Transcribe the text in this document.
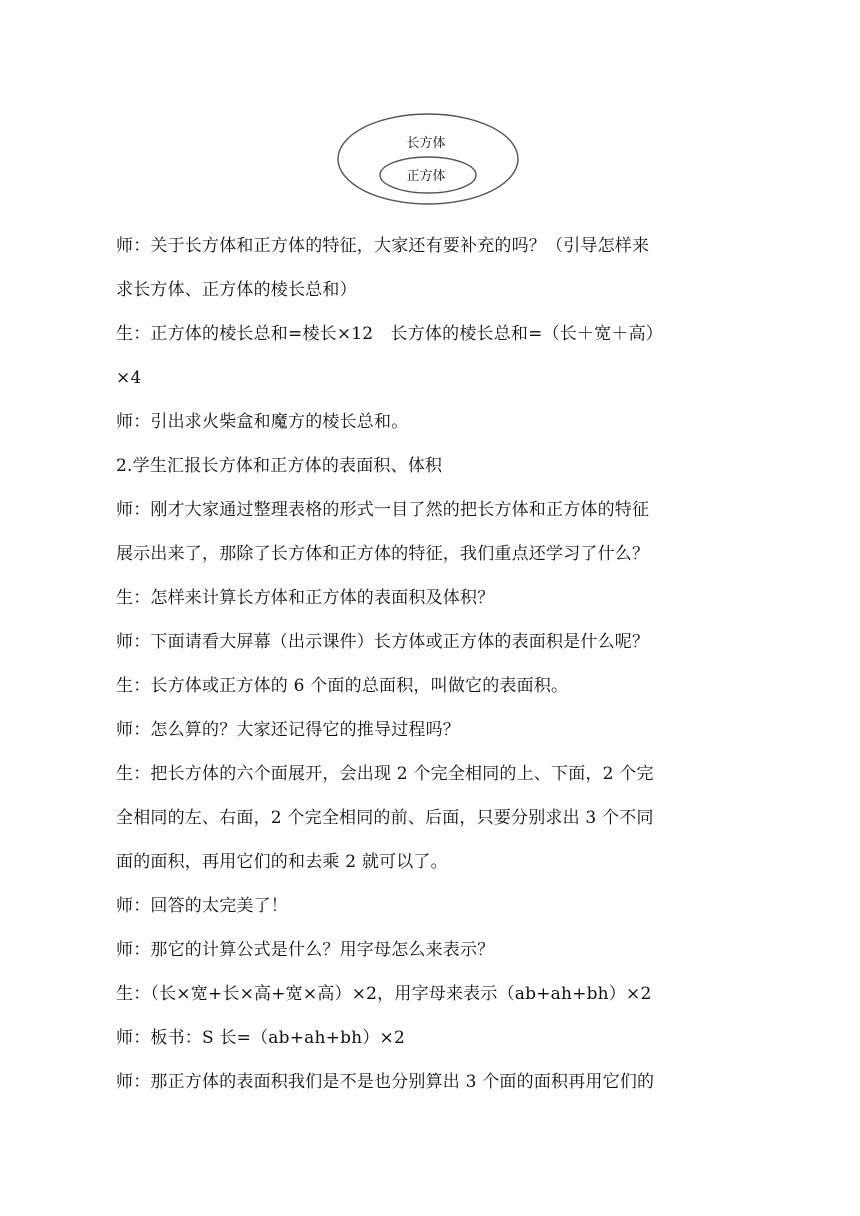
长方体
正方体
师：关于长方体和正方体的特征，大家还有要补充的吗？（引导怎样来
求长方体、正方体的棱长总和）
生：正方体的棱长总和=棱长×12　长方体的棱长总和=（长＋宽＋高）
×4
师：引出求火柴盒和魔方的棱长总和。
2.学生汇报长方体和正方体的表面积、体积
师：刚才大家通过整理表格的形式一目了然的把长方体和正方体的特征
展示出来了，那除了长方体和正方体的特征，我们重点还学习了什么？
生：怎样来计算长方体和正方体的表面积及体积？
师：下面请看大屏幕（出示课件）长方体或正方体的表面积是什么呢？
生：长方体或正方体的 6 个面的总面积，叫做它的表面积。
师：怎么算的？大家还记得它的推导过程吗？
生：把长方体的六个面展开，会出现 2 个完全相同的上、下面，2 个完
全相同的左、右面，2 个完全相同的前、后面，只要分别求出 3 个不同
面的面积，再用它们的和去乘 2 就可以了。
师：回答的太完美了！
师：那它的计算公式是什么？用字母怎么来表示？
生：（长×宽+长×高+宽×高）×2，用字母来表示（ab+ah+bh）×2
师：板书：S 长=（ab+ah+bh）×2
师：那正方体的表面积我们是不是也分别算出 3 个面的面积再用它们的
